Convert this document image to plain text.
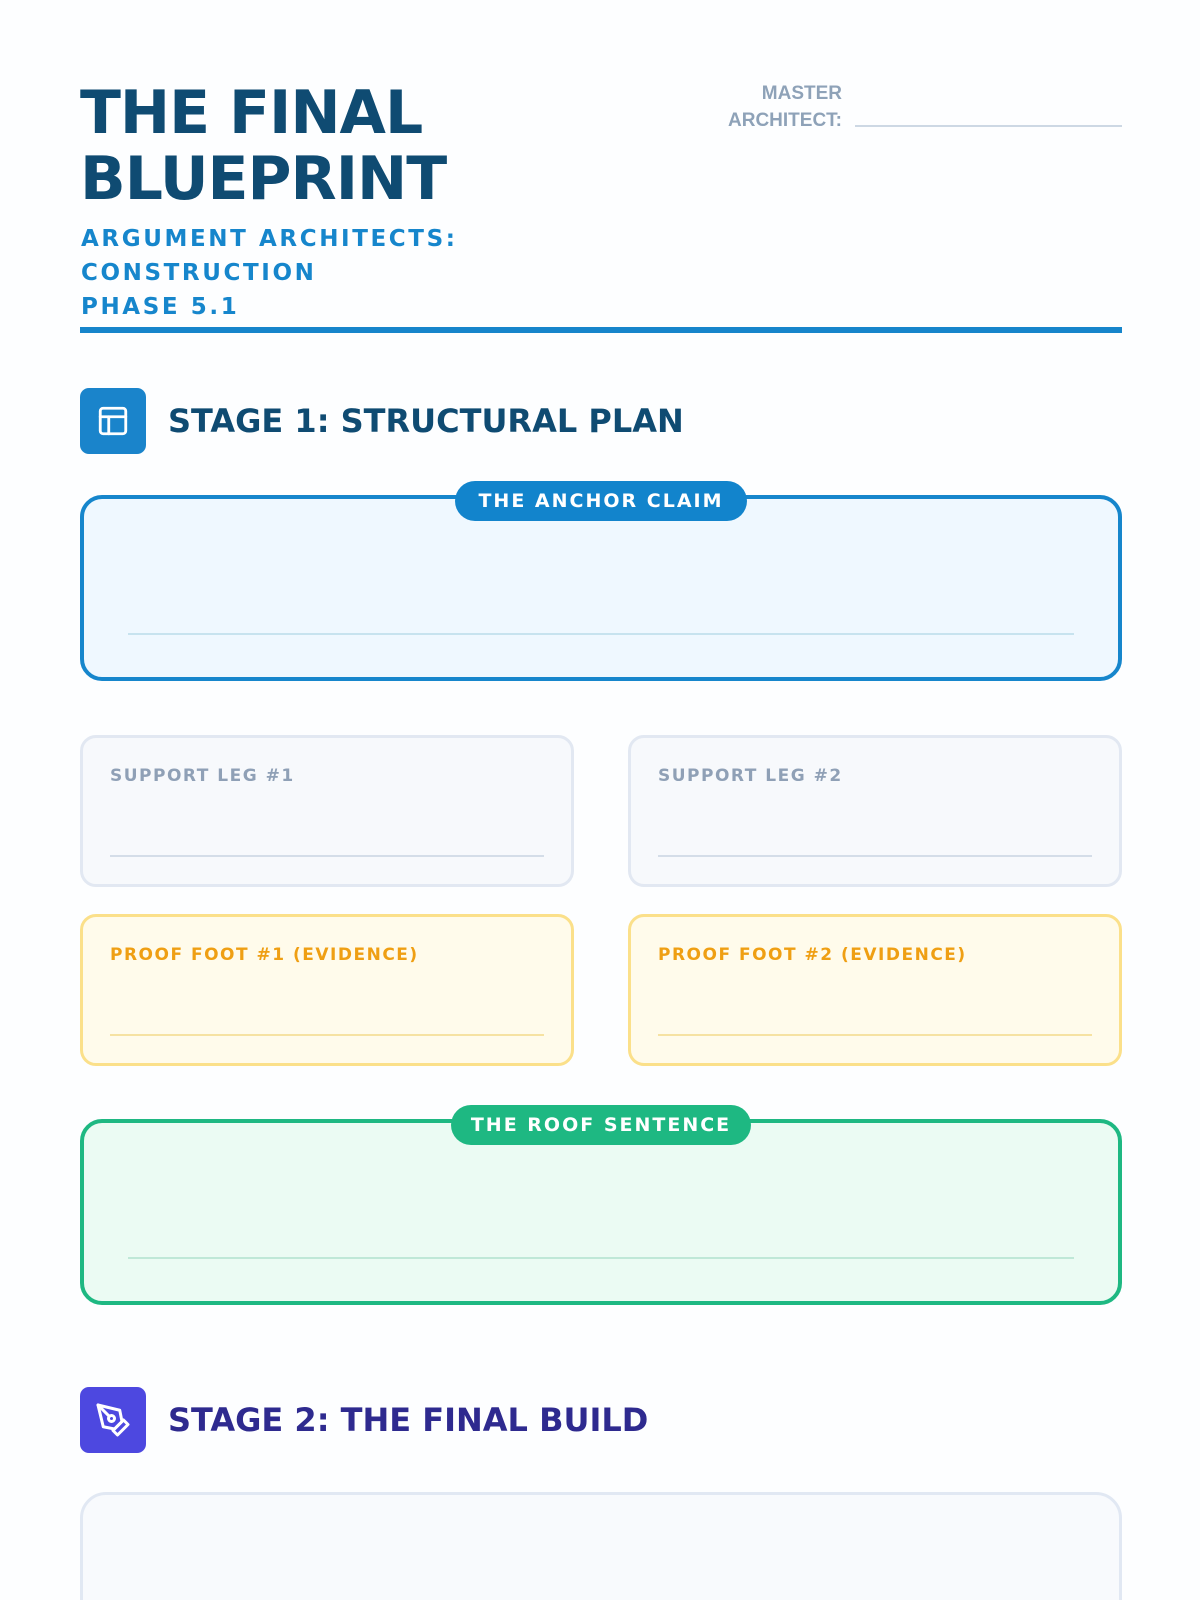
THE FINAL
BLUEPRINT
ARGUMENT ARCHITECTS: CONSTRUCTION
PHASE 5.1
MASTER
ARCHITECT:
STAGE 1: STRUCTURAL PLAN
THE ANCHOR CLAIM
SUPPORT LEG #1	SUPPORT LEG #2
PROOF FOOT #1 (EVIDENCE)	PROOF FOOT #2 (EVIDENCE)
THE ROOF SENTENCE
STAGE 2: THE FINAL BUILD
